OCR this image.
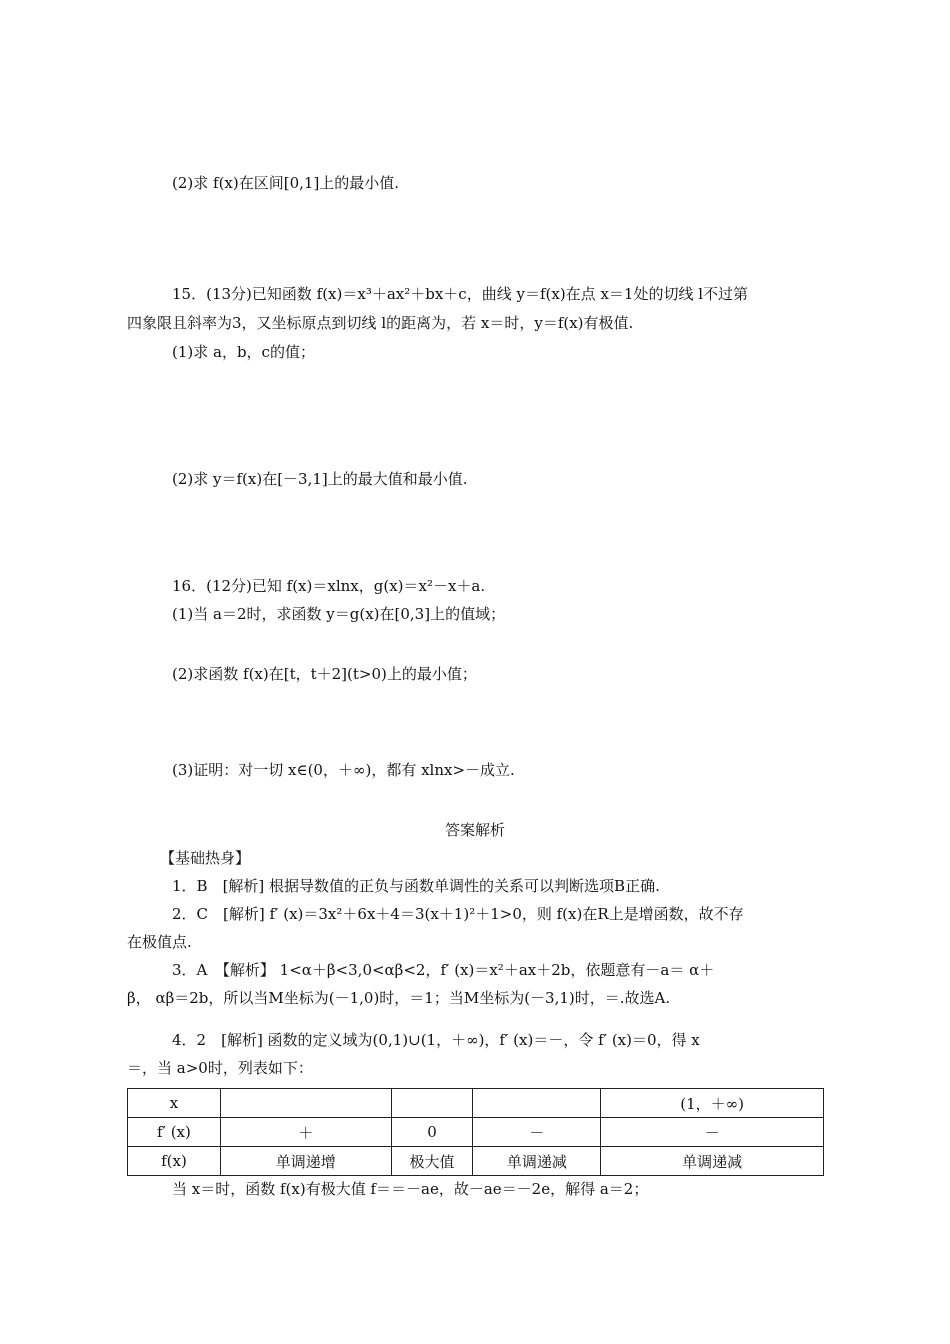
(2)求 f(x)在区间[0,1]上的最小值.
15．(13分)已知函数 f(x)＝x³＋ax²＋bx＋c，曲线 y＝f(x)在点 x＝1处的切线 l不过第
四象限且斜率为3，又坐标原点到切线 l的距离为，若 x＝时，y＝f(x)有极值.
(1)求 a，b，c的值；
(2)求 y＝f(x)在[－3,1]上的最大值和最小值.
16．(12分)已知 f(x)＝xlnx，g(x)＝x²－x＋a.
(1)当 a＝2时，求函数 y＝g(x)在[0,3]上的值域；
(2)求函数 f(x)在[t，t＋2](t>0)上的最小值；
(3)证明：对一切 x∈(0，＋∞)，都有 xlnx>－成立.
答案解析
【基础热身】
1．B　[解析] 根据导数值的正负与函数单调性的关系可以判断选项B正确.
2．C　[解析] f′ (x)＝3x²＋6x＋4＝3(x＋1)²＋1>0，则 f(x)在R上是增函数，故不存
在极值点.
3．A　【解析】 1<α＋β<3,0<αβ<2，f′ (x)＝x²＋ax＋2b，依题意有－a＝ α＋
β， αβ＝2b，所以当M坐标为(－1,0)时，＝1；当M坐标为(－3,1)时，＝.故选A.
4．2　[解析] 函数的定义域为(0,1)∪(1，＋∞)，f′ (x)＝－，令 f′ (x)＝0，得 x
＝，当 a>0时，列表如下：
x				(1，＋∞)
f′ (x)	＋	0	－	－
f(x)	单调递增	极大值	单调递减	单调递减
当 x＝时，函数 f(x)有极大值 f＝＝－ae，故－ae＝－2e，解得 a＝2；
